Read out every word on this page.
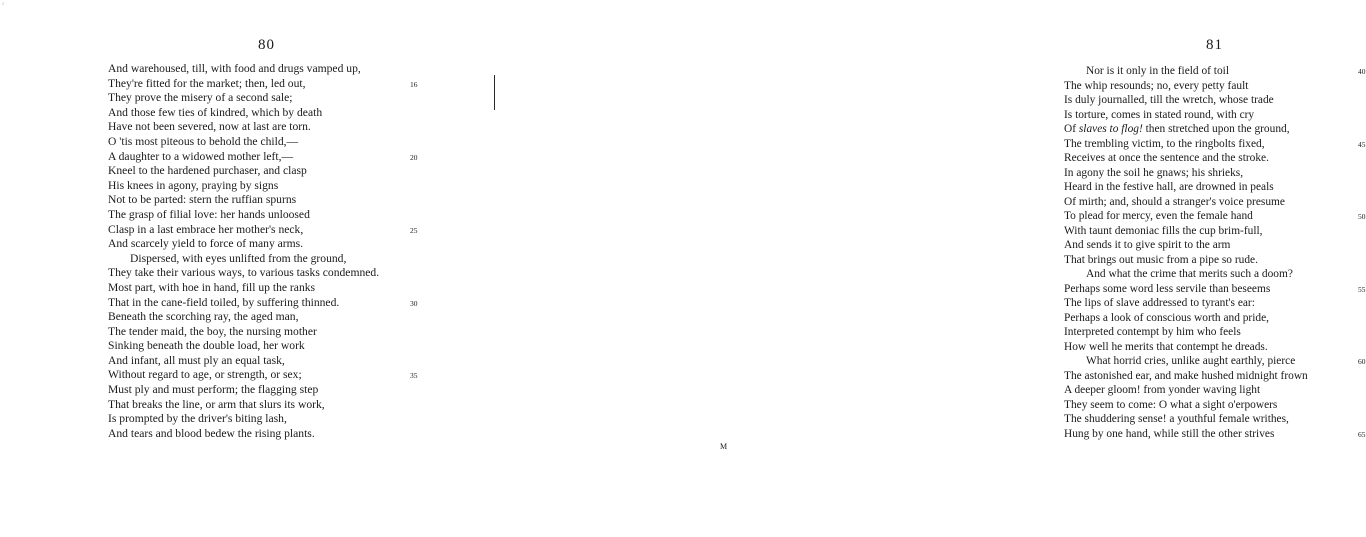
⸢
80
And warehoused, till, with food and drugs vamped up,
They're fitted for the market; then, led out,	16
They prove the misery of a second sale;
And those few ties of kindred, which by death
Have not been severed, now at last are torn.
O 'tis most piteous to behold the child,—
A daughter to a widowed mother left,—	20
Kneel to the hardened purchaser, and clasp
His knees in agony, praying by signs
Not to be parted: stern the ruffian spurns
The grasp of filial love: her hands unloosed
Clasp in a last embrace her mother's neck,	25
And scarcely yield to force of many arms.
Dispersed, with eyes unlifted from the ground,
They take their various ways, to various tasks condemned.
Most part, with hoe in hand, fill up the ranks
That in the cane-field toiled, by suffering thinned.	30
Beneath the scorching ray, the aged man,
The tender maid, the boy, the nursing mother
Sinking beneath the double load, her work
And infant, all must ply an equal task,
Without regard to age, or strength, or sex;	35
Must ply and must perform; the flagging step
That breaks the line, or arm that slurs its work,
Is prompted by the driver's biting lash,
And tears and blood bedew the rising plants.
81
Nor is it only in the field of toil	40
The whip resounds; no, every petty fault
Is duly journalled, till the wretch, whose trade
Is torture, comes in stated round, with cry
Of slaves to flog! then stretched upon the ground,
The trembling victim, to the ringbolts fixed,	45
Receives at once the sentence and the stroke.
In agony the soil he gnaws; his shrieks,
Heard in the festive hall, are drowned in peals
Of mirth; and, should a stranger's voice presume
To plead for mercy, even the female hand	50
With taunt demoniac fills the cup brim-full,
And sends it to give spirit to the arm
That brings out music from a pipe so rude.
And what the crime that merits such a doom?
Perhaps some word less servile than beseems	55
The lips of slave addressed to tyrant's ear:
Perhaps a look of conscious worth and pride,
Interpreted contempt by him who feels
How well he merits that contempt he dreads.
What horrid cries, unlike aught earthly, pierce	60
The astonished ear, and make hushed midnight frown
A deeper gloom! from yonder waving light
They seem to come: O what a sight o'erpowers
The shuddering sense! a youthful female writhes,
Hung by one hand, while still the other strives	65
M
